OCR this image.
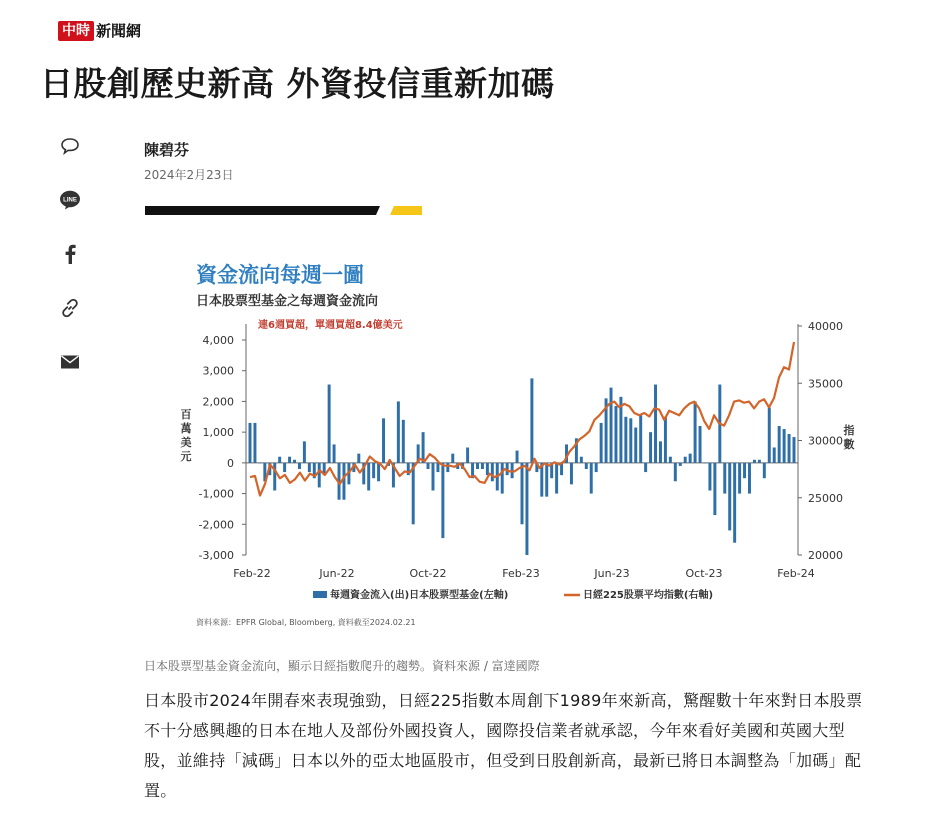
中時 新聞網
日股創歷史新高 外資投信重新加碼
LINE
陳碧芬
2024年2月23日
資金流向每週一圖
日本股票型基金之每週資金流向
連6週買超，單週買超8.4億美元
資料來源：EPFR Global, Bloomberg, 資料截至2024.02.21
4,000
3,000
2,000
1,000
0
-1,000
-2,000
-3,000
40000
35000
30000
25000
20000
百
萬
美
元
指
數
Feb-22	Jun-22	Oct-22	Feb-23	Jun-23	Oct-23	Feb-24
每週資金流入(出)日本股票型基金(左軸)	日經225股票平均指數(右軸)
日本股票型基金資金流向，顯示日經指數爬升的趨勢。資料來源 / 富達國際

日本股市2024年開春來表現強勁，日經225指數本周創下1989年來新高，驚醒數十年來對日本股票不十分感興趣的日本在地人及部份外國投資人，國際投信業者就承認，今年來看好美國和英國大型股，並維持「減碼」日本以外的亞太地區股市，但受到日股創新高，最新已將日本調整為「加碼」配置。
